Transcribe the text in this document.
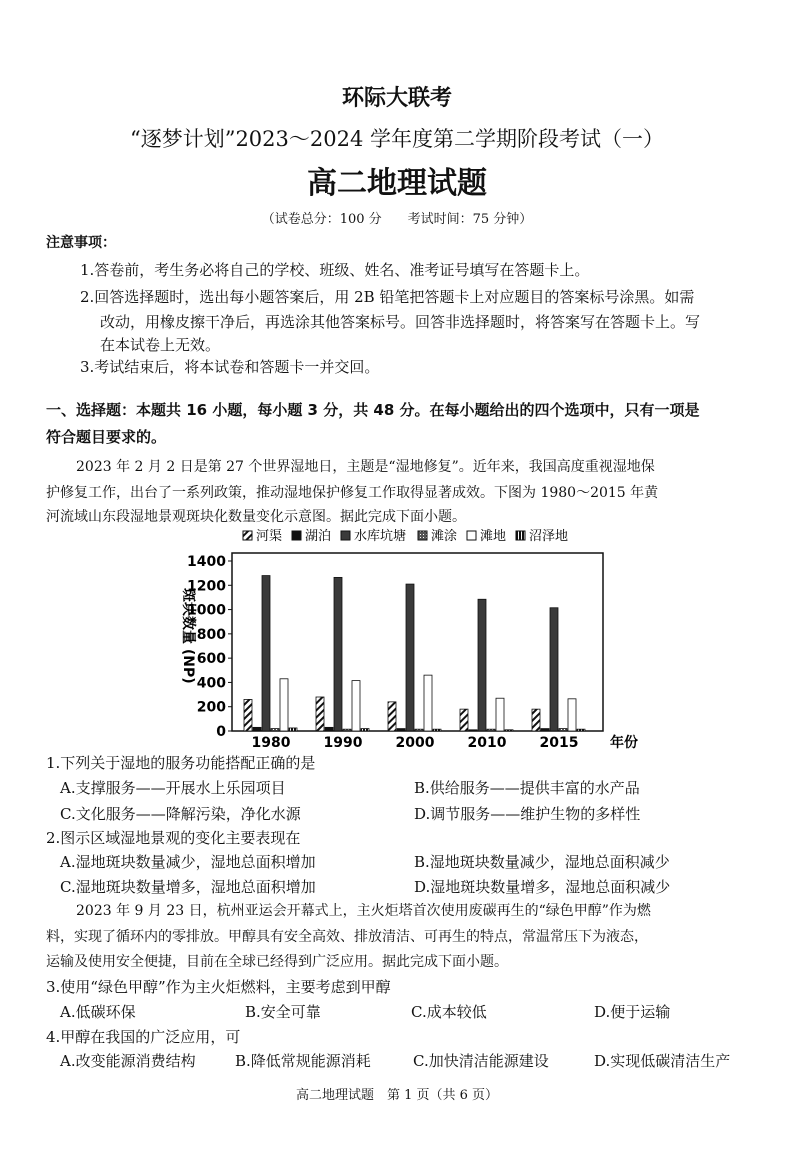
环际大联考
“逐梦计划”2023～2024 学年度第二学期阶段考试（一）
高二地理试题
（试卷总分：100 分　　考试时间：75 分钟）
注意事项：
1.答卷前，考生务必将自己的学校、班级、姓名、准考证号填写在答题卡上。
2.回答选择题时，选出每小题答案后，用 2B 铅笔把答题卡上对应题目的答案标号涂黑。如需
改动，用橡皮擦干净后，再选涂其他答案标号。回答非选择题时，将答案写在答题卡上。写
在本试卷上无效。
3.考试结束后，将本试卷和答题卡一并交回。
一、选择题：本题共 16 小题，每小题 3 分，共 48 分。在每小题给出的四个选项中，只有一项是
符合题目要求的。
2023 年 2 月 2 日是第 27 个世界湿地日，主题是“湿地修复”。近年来，我国高度重视湿地保
护修复工作，出台了一系列政策，推动湿地保护修复工作取得显著成效。下图为 1980～2015 年黄
河流域山东段湿地景观斑块化数量变化示意图。据此完成下面小题。
河渠 湖泊 水库坑塘 滩涂 滩地 沼泽地
0
200
400
600
800
1000
1200
1400
1980 1990 2000 2010 2015 年份
斑块数量 (NP)
1.下列关于湿地的服务功能搭配正确的是
A.支撑服务——开展水上乐园项目	B.供给服务——提供丰富的水产品
C.文化服务——降解污染，净化水源	D.调节服务——维护生物的多样性
2.图示区域湿地景观的变化主要表现在
A.湿地斑块数量减少，湿地总面积增加	B.湿地斑块数量减少，湿地总面积减少
C.湿地斑块数量增多，湿地总面积增加	D.湿地斑块数量增多，湿地总面积减少
2023 年 9 月 23 日，杭州亚运会开幕式上，主火炬塔首次使用废碳再生的“绿色甲醇”作为燃
料，实现了循环内的零排放。甲醇具有安全高效、排放清洁、可再生的特点，常温常压下为液态，
运输及使用安全便捷，目前在全球已经得到广泛应用。据此完成下面小题。
3.使用“绿色甲醇”作为主火炬燃料，主要考虑到甲醇
A.低碳环保	B.安全可靠	C.成本较低	D.便于运输
4.甲醇在我国的广泛应用，可
A.改变能源消费结构	B.降低常规能源消耗	C.加快清洁能源建设	D.实现低碳清洁生产
高二地理试题　第 1 页（共 6 页）
